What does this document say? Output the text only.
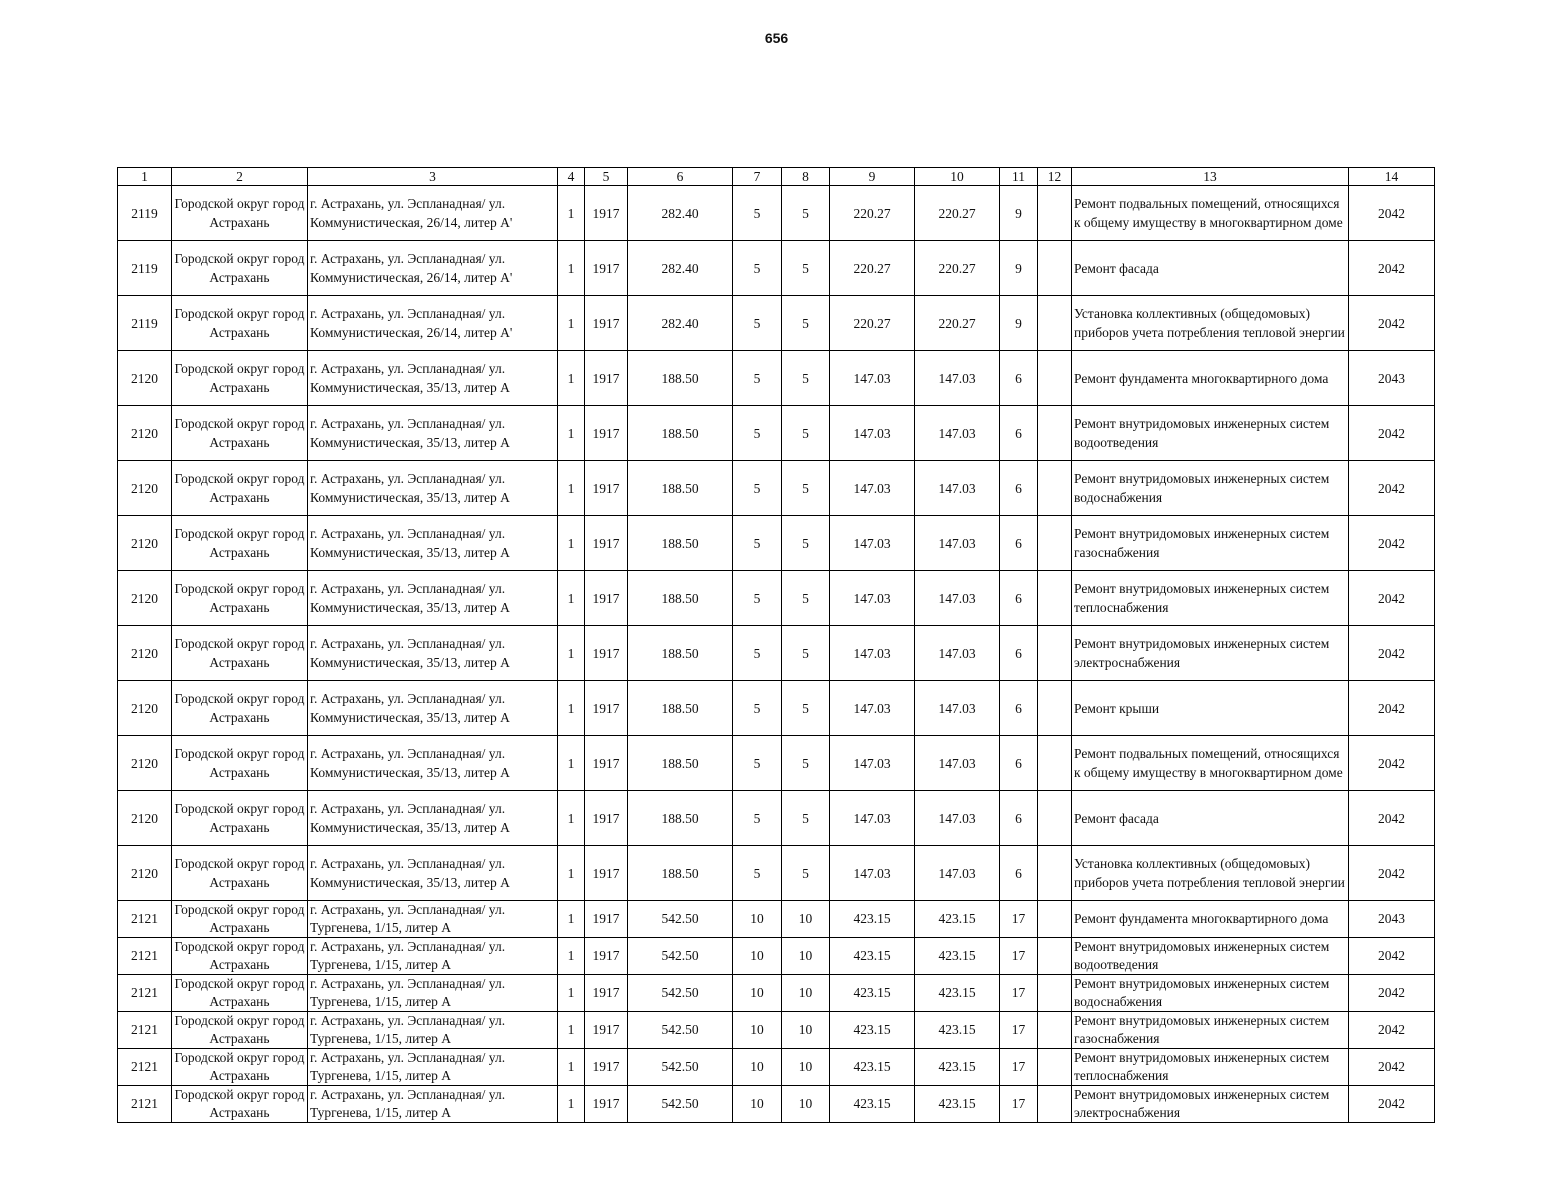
656
1	2	3	4	5	6	7	8	9	10	11	12	13	14
2119	Городской округ город Астрахань	г. Астрахань, ул. Эспланадная/ ул. Коммунистическая, 26/14, литер А'	1	1917	282.40	5	5	220.27	220.27	9		Ремонт подвальных помещений, относящихся к общему имуществу в многоквартирном доме	2042
2119	Городской округ город Астрахань	г. Астрахань, ул. Эспланадная/ ул. Коммунистическая, 26/14, литер А'	1	1917	282.40	5	5	220.27	220.27	9		Ремонт фасада	2042
2119	Городской округ город Астрахань	г. Астрахань, ул. Эспланадная/ ул. Коммунистическая, 26/14, литер А'	1	1917	282.40	5	5	220.27	220.27	9		Установка коллективных (общедомовых) приборов учета потребления тепловой энергии	2042
2120	Городской округ город Астрахань	г. Астрахань, ул. Эспланадная/ ул. Коммунистическая, 35/13, литер А	1	1917	188.50	5	5	147.03	147.03	6		Ремонт фундамента многоквартирного дома	2043
2120	Городской округ город Астрахань	г. Астрахань, ул. Эспланадная/ ул. Коммунистическая, 35/13, литер А	1	1917	188.50	5	5	147.03	147.03	6		Ремонт внутридомовых инженерных систем водоотведения	2042
2120	Городской округ город Астрахань	г. Астрахань, ул. Эспланадная/ ул. Коммунистическая, 35/13, литер А	1	1917	188.50	5	5	147.03	147.03	6		Ремонт внутридомовых инженерных систем водоснабжения	2042
2120	Городской округ город Астрахань	г. Астрахань, ул. Эспланадная/ ул. Коммунистическая, 35/13, литер А	1	1917	188.50	5	5	147.03	147.03	6		Ремонт внутридомовых инженерных систем газоснабжения	2042
2120	Городской округ город Астрахань	г. Астрахань, ул. Эспланадная/ ул. Коммунистическая, 35/13, литер А	1	1917	188.50	5	5	147.03	147.03	6		Ремонт внутридомовых инженерных систем теплоснабжения	2042
2120	Городской округ город Астрахань	г. Астрахань, ул. Эспланадная/ ул. Коммунистическая, 35/13, литер А	1	1917	188.50	5	5	147.03	147.03	6		Ремонт внутридомовых инженерных систем электроснабжения	2042
2120	Городской округ город Астрахань	г. Астрахань, ул. Эспланадная/ ул. Коммунистическая, 35/13, литер А	1	1917	188.50	5	5	147.03	147.03	6		Ремонт крыши	2042
2120	Городской округ город Астрахань	г. Астрахань, ул. Эспланадная/ ул. Коммунистическая, 35/13, литер А	1	1917	188.50	5	5	147.03	147.03	6		Ремонт подвальных помещений, относящихся к общему имуществу в многоквартирном доме	2042
2120	Городской округ город Астрахань	г. Астрахань, ул. Эспланадная/ ул. Коммунистическая, 35/13, литер А	1	1917	188.50	5	5	147.03	147.03	6		Ремонт фасада	2042
2120	Городской округ город Астрахань	г. Астрахань, ул. Эспланадная/ ул. Коммунистическая, 35/13, литер А	1	1917	188.50	5	5	147.03	147.03	6		Установка коллективных (общедомовых) приборов учета потребления тепловой энергии	2042
2121	Городской округ город Астрахань	г. Астрахань, ул. Эспланадная/ ул. Тургенева, 1/15, литер А	1	1917	542.50	10	10	423.15	423.15	17		Ремонт фундамента многоквартирного дома	2043
2121	Городской округ город Астрахань	г. Астрахань, ул. Эспланадная/ ул. Тургенева, 1/15, литер А	1	1917	542.50	10	10	423.15	423.15	17		Ремонт внутридомовых инженерных систем водоотведения	2042
2121	Городской округ город Астрахань	г. Астрахань, ул. Эспланадная/ ул. Тургенева, 1/15, литер А	1	1917	542.50	10	10	423.15	423.15	17		Ремонт внутридомовых инженерных систем водоснабжения	2042
2121	Городской округ город Астрахань	г. Астрахань, ул. Эспланадная/ ул. Тургенева, 1/15, литер А	1	1917	542.50	10	10	423.15	423.15	17		Ремонт внутридомовых инженерных систем газоснабжения	2042
2121	Городской округ город Астрахань	г. Астрахань, ул. Эспланадная/ ул. Тургенева, 1/15, литер А	1	1917	542.50	10	10	423.15	423.15	17		Ремонт внутридомовых инженерных систем теплоснабжения	2042
2121	Городской округ город Астрахань	г. Астрахань, ул. Эспланадная/ ул. Тургенева, 1/15, литер А	1	1917	542.50	10	10	423.15	423.15	17		Ремонт внутридомовых инженерных систем электроснабжения	2042
